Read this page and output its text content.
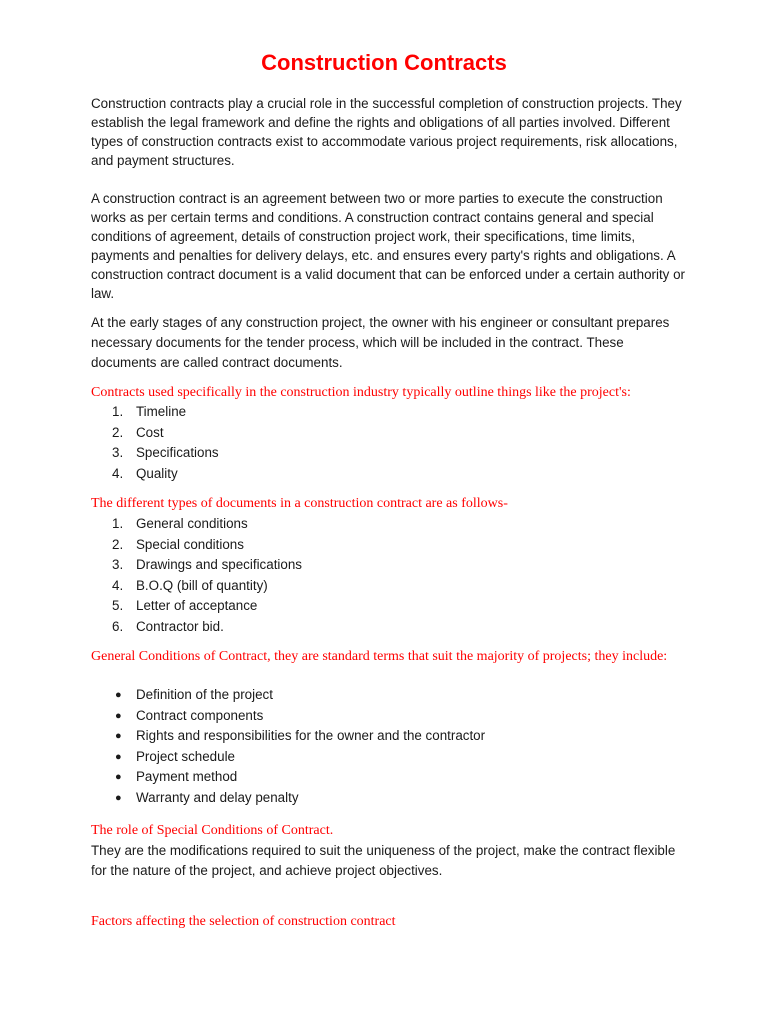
Construction Contracts

Construction contracts play a crucial role in the successful completion of construction projects. They establish the legal framework and define the rights and obligations of all parties involved. Different types of construction contracts exist to accommodate various project requirements, risk allocations, and payment structures.

A construction contract is an agreement between two or more parties to execute the construction works as per certain terms and conditions. A construction contract contains general and special conditions of agreement, details of construction project work, their specifications, time limits, payments and penalties for delivery delays, etc. and ensures every party's rights and obligations. A construction contract document is a valid document that can be enforced under a certain authority or law.

At the early stages of any construction project, the owner with his engineer or consultant prepares necessary documents for the tender process, which will be included in the contract. These documents are called contract documents.

Contracts used specifically in the construction industry typically outline things like the project's:

1. Timeline
2. Cost
3. Specifications
4. Quality

The different types of documents in a construction contract are as follows-

1. General conditions
2. Special conditions
3. Drawings and specifications
4. B.O.Q (bill of quantity)
5. Letter of acceptance
6. Contractor bid.

General Conditions of Contract, they are standard terms that suit the majority of projects; they include:

● Definition of the project
● Contract components
● Rights and responsibilities for the owner and the contractor
● Project schedule
● Payment method
● Warranty and delay penalty

The role of Special Conditions of Contract.

They are the modifications required to suit the uniqueness of the project, make the contract flexible for the nature of the project, and achieve project objectives.

Factors affecting the selection of construction contract
